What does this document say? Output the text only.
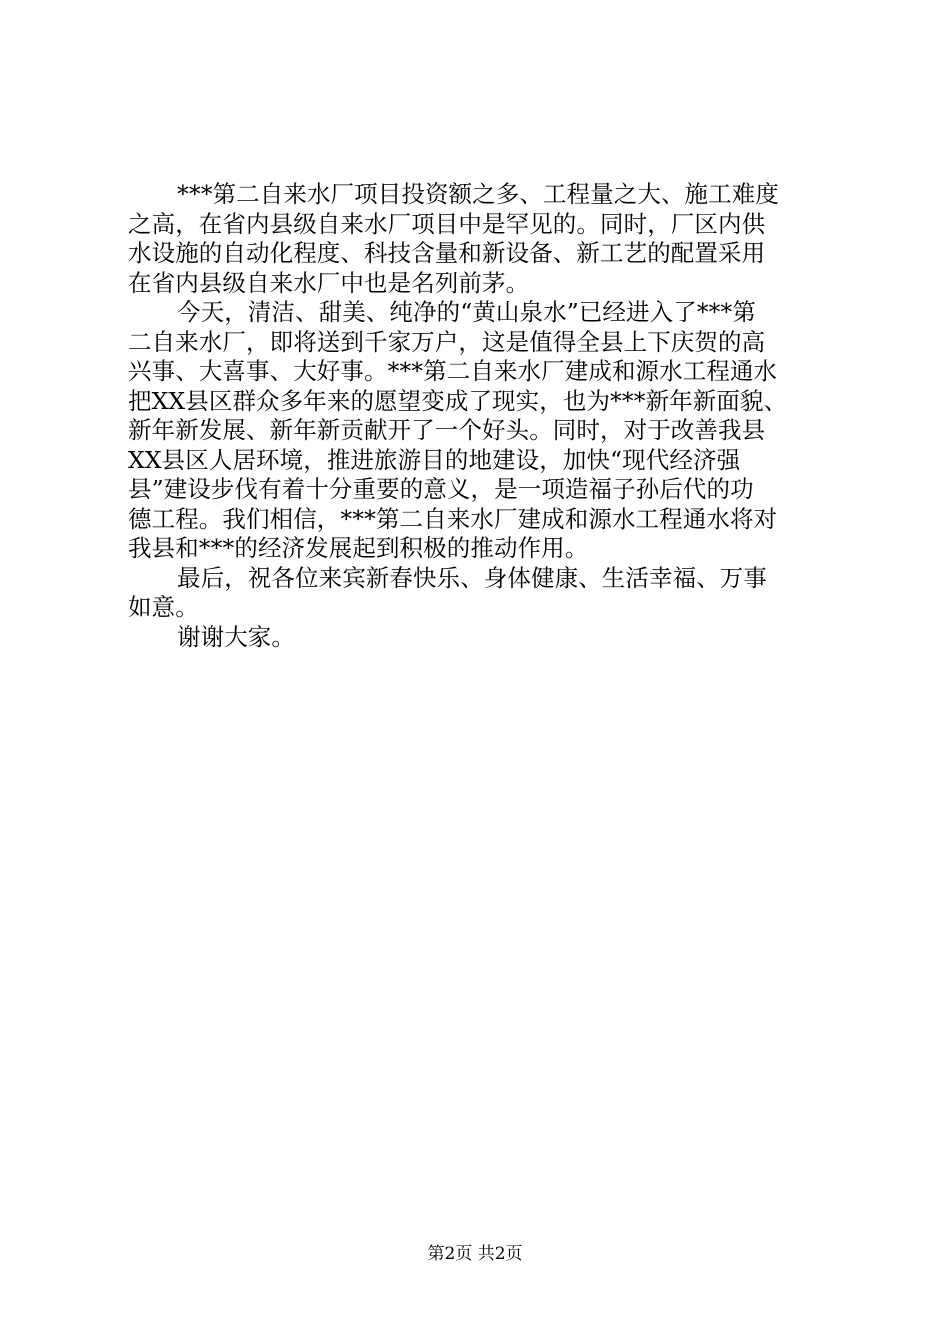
***第二自来水厂项目投资额之多、工程量之大、施工难度
之高，在省内县级自来水厂项目中是罕见的。同时，厂区内供
水设施的自动化程度、科技含量和新设备、新工艺的配置采用
在省内县级自来水厂中也是名列前茅。
今天，清洁、甜美、纯净的“黄山泉水”已经进入了***第
二自来水厂，即将送到千家万户，这是值得全县上下庆贺的高
兴事、大喜事、大好事。***第二自来水厂建成和源水工程通水
把XX县区群众多年来的愿望变成了现实，也为***新年新面貌、
新年新发展、新年新贡献开了一个好头。同时，对于改善我县
XX县区人居环境，推进旅游目的地建设，加快“现代经济强
县”建设步伐有着十分重要的意义，是一项造福子孙后代的功
德工程。我们相信，***第二自来水厂建成和源水工程通水将对
我县和***的经济发展起到积极的推动作用。
最后，祝各位来宾新春快乐、身体健康、生活幸福、万事
如意。
谢谢大家。
第2页 共2页
